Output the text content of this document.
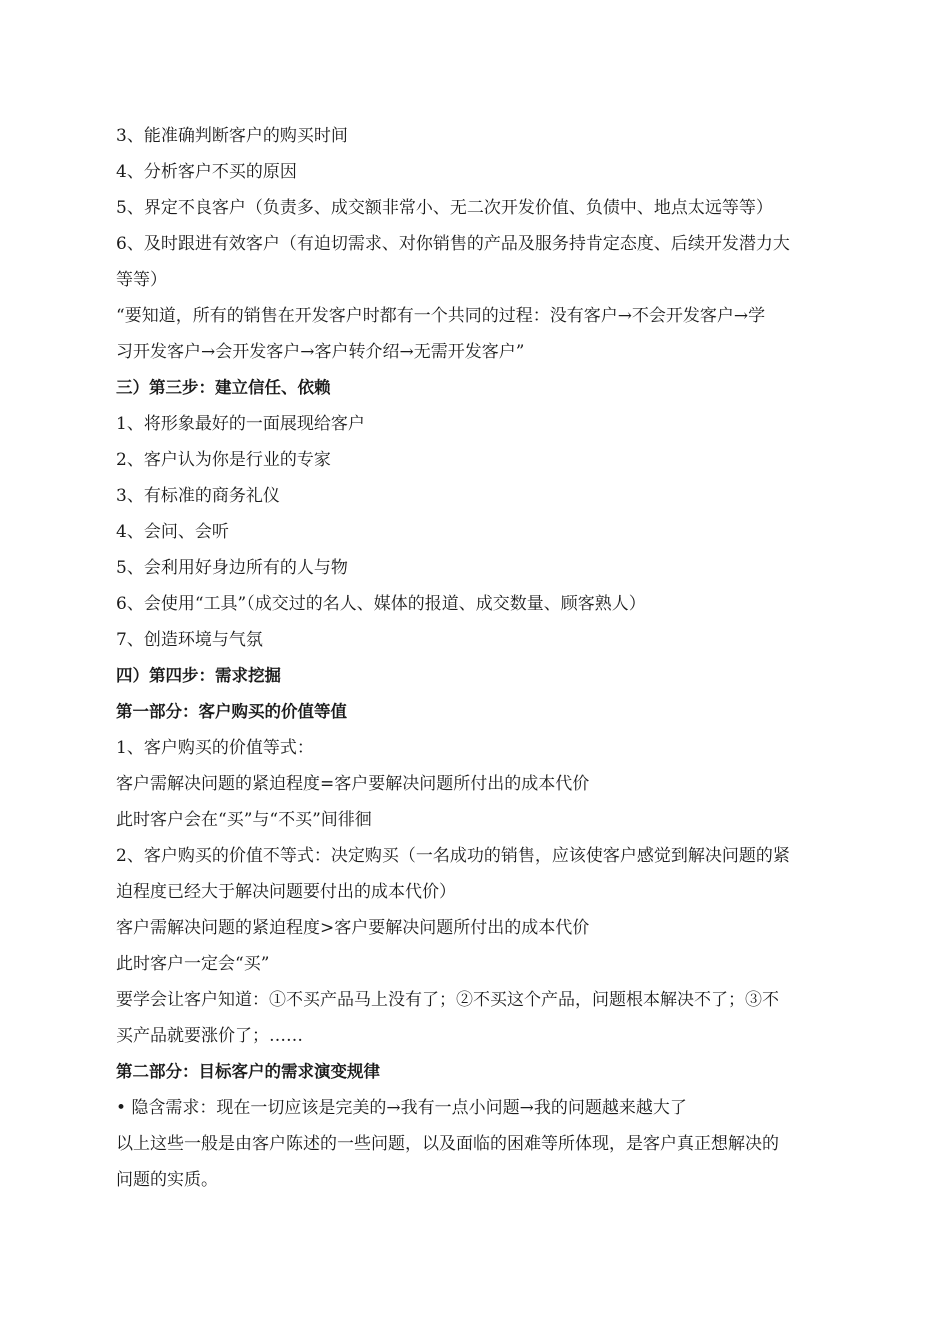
3、能准确判断客户的购买时间
4、分析客户不买的原因
5、界定不良客户（负责多、成交额非常小、无二次开发价值、负债中、地点太远等等）
6、及时跟进有效客户（有迫切需求、对你销售的产品及服务持肯定态度、后续开发潜力大
等等）
“要知道，所有的销售在开发客户时都有一个共同的过程：没有客户→不会开发客户→学
习开发客户→会开发客户→客户转介绍→无需开发客户”
三）第三步：建立信任、依赖
1、将形象最好的一面展现给客户
2、客户认为你是行业的专家
3、有标准的商务礼仪
4、会问、会听
5、会利用好身边所有的人与物
6、会使用“工具”（成交过的名人、媒体的报道、成交数量、顾客熟人）
7、创造环境与气氛
四）第四步：需求挖掘
第一部分：客户购买的价值等值
1、客户购买的价值等式：
客户需解决问题的紧迫程度=客户要解决问题所付出的成本代价
此时客户会在“买”与“不买”间徘徊
2、客户购买的价值不等式：决定购买（一名成功的销售，应该使客户感觉到解决问题的紧
迫程度已经大于解决问题要付出的成本代价）
客户需解决问题的紧迫程度>客户要解决问题所付出的成本代价
此时客户一定会“买”
要学会让客户知道：①不买产品马上没有了；②不买这个产品，问题根本解决不了；③不
买产品就要涨价了；……
第二部分：目标客户的需求演变规律
• 隐含需求：现在一切应该是完美的→我有一点小问题→我的问题越来越大了
以上这些一般是由客户陈述的一些问题，以及面临的困难等所体现，是客户真正想解决的
问题的实质。
